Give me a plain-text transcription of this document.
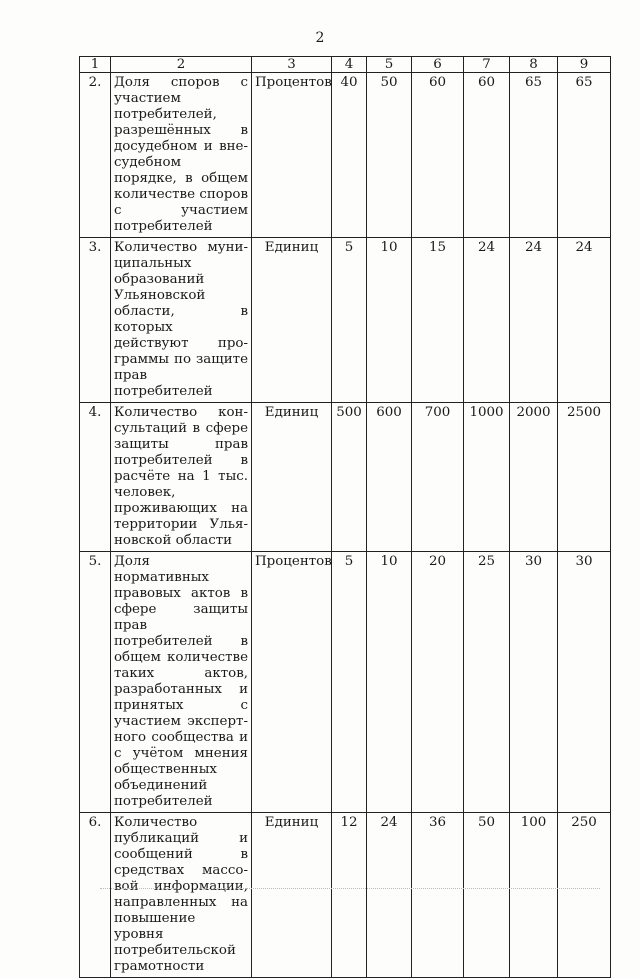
2
1	2	3	4	5	6	7	8	9
2.	Доля споров с участием потребителей, разрешённых в досудебном и внесудебном порядке, в общем количестве споров с участием потребителей	Процентов	40	50	60	60	65	65
3.	Количество муниципальных образований Ульяновской области, в которых действуют программы по защите прав потребителей	Единиц	5	10	15	24	24	24
4.	Количество консультаций в сфере защиты прав потребителей в расчёте на 1 тыс. человек, проживающих на территории Ульяновской области	Единиц	500	600	700	1000	2000	2500
5.	Доля нормативных правовых актов в сфере защиты прав потребителей в общем количестве таких актов, разработанных и принятых с участием экспертного сообщества и с учётом мнения общественных объединений потребителей	Процентов	5	10	20	25	30	30
6.	Количество публикаций и сообщений в средствах массовой информации, направленных на повышение уровня потребительской грамотности	Единиц	12	24	36	50	100	250
